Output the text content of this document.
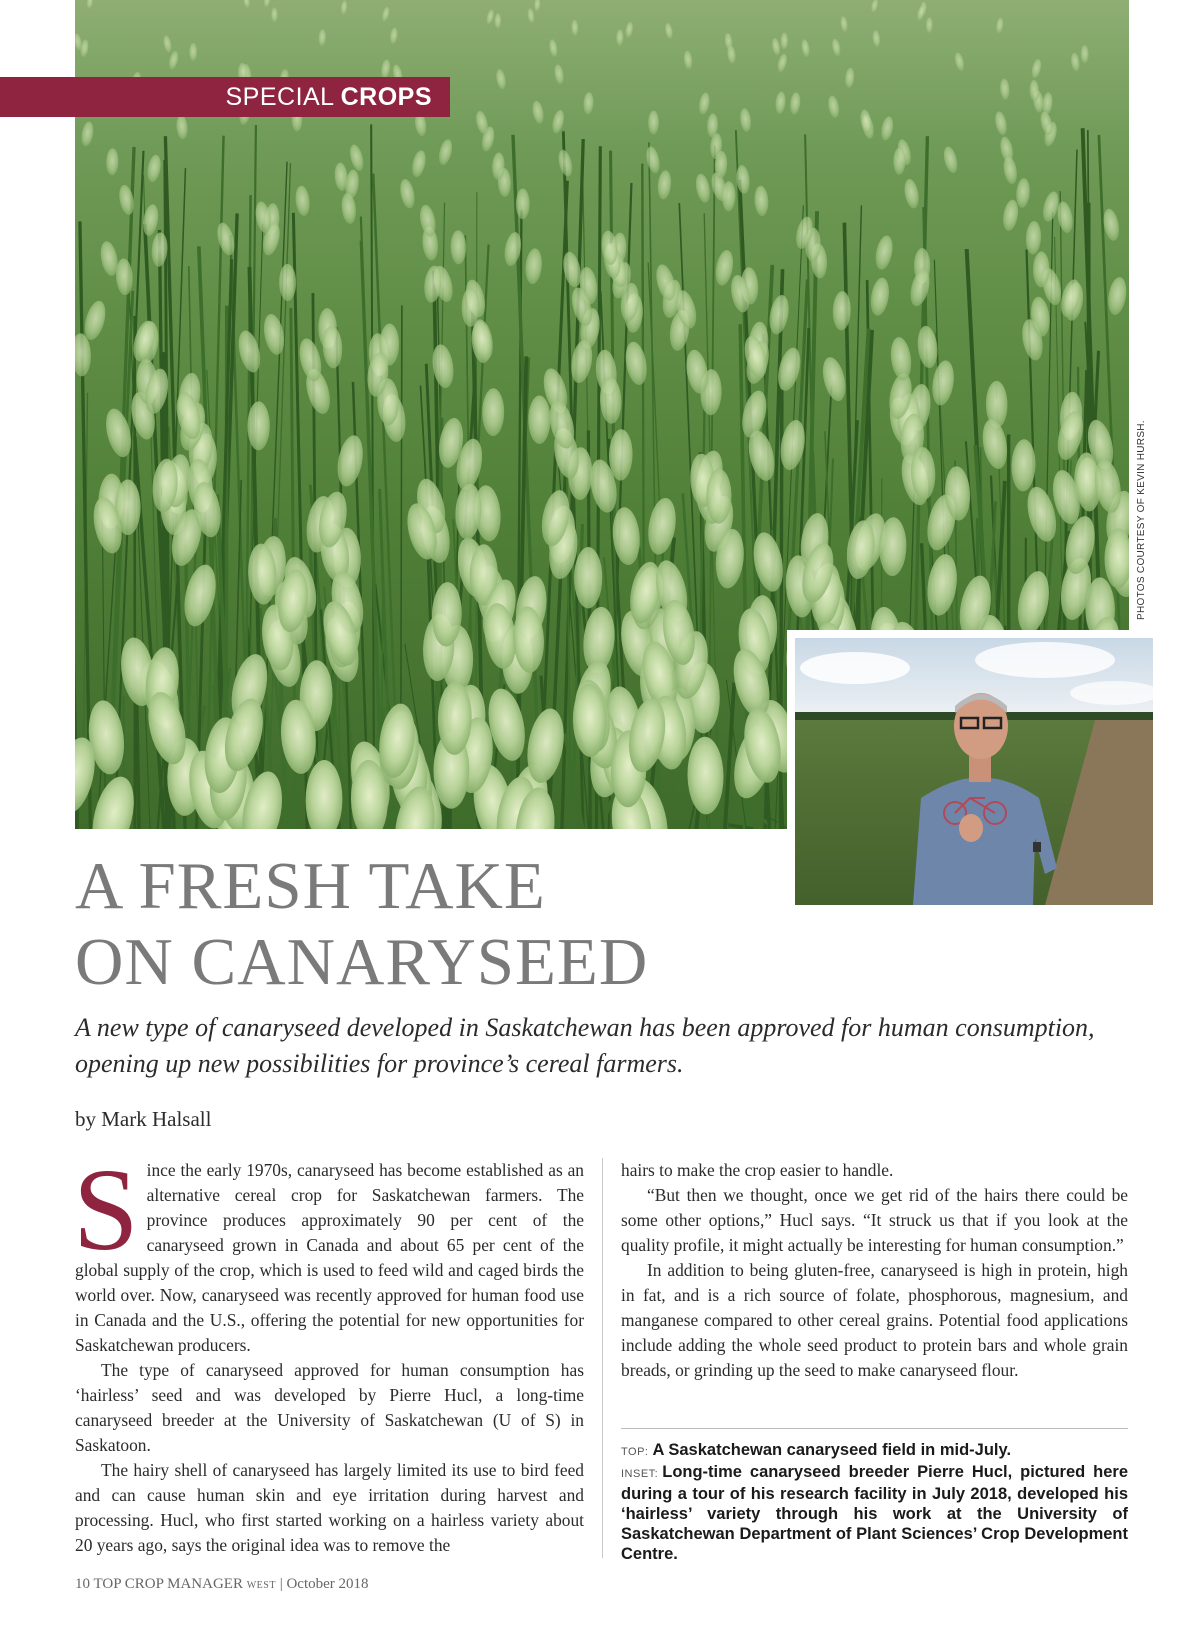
SPECIAL CROPS
PHOTOS COURTESY OF KEVIN HURSH.
A FRESH TAKE
ON CANARYSEED

A new type of canaryseed developed in Saskatchewan has been approved for human consumption, opening up new possibilities for province’s cereal farmers.

by Mark Halsall

Since the early 1970s, canaryseed has become established as an alternative cereal crop for Saskatchewan farmers. The province produces approximately 90 per cent of the canaryseed grown in Canada and about 65 per cent of the global supply of the crop, which is used to feed wild and caged birds the world over. Now, canaryseed was recently approved for human food use in Canada and the U.S., offering the potential for new opportunities for Saskatchewan producers.

The type of canaryseed approved for human consumption has ‘hairless’ seed and was developed by Pierre Hucl, a long-time canaryseed breeder at the University of Saskatchewan (U of S) in Saskatoon.

The hairy shell of canaryseed has largely limited its use to bird feed and can cause human skin and eye irritation during harvest and processing. Hucl, who first started working on a hairless variety about 20 years ago, says the original idea was to remove the

hairs to make the crop easier to handle.

“But then we thought, once we get rid of the hairs there could be some other options,” Hucl says. “It struck us that if you look at the quality profile, it might actually be interesting for human consumption.”

In addition to being gluten-free, canaryseed is high in protein, high in fat, and is a rich source of folate, phosphorous, magnesium, and manganese compared to other cereal grains. Potential food applications include adding the whole seed product to protein bars and whole grain breads, or grinding up the seed to make canaryseed flour.

TOP: A Saskatchewan canaryseed field in mid-July.

INSET: Long-time canaryseed breeder Pierre Hucl, pictured here during a tour of his research facility in July 2018, developed his ‘hairless’ variety through his work at the University of Saskatchewan Department of Plant Sciences’ Crop Development Centre.

10 TOP CROP MANAGER WEST | October 2018
